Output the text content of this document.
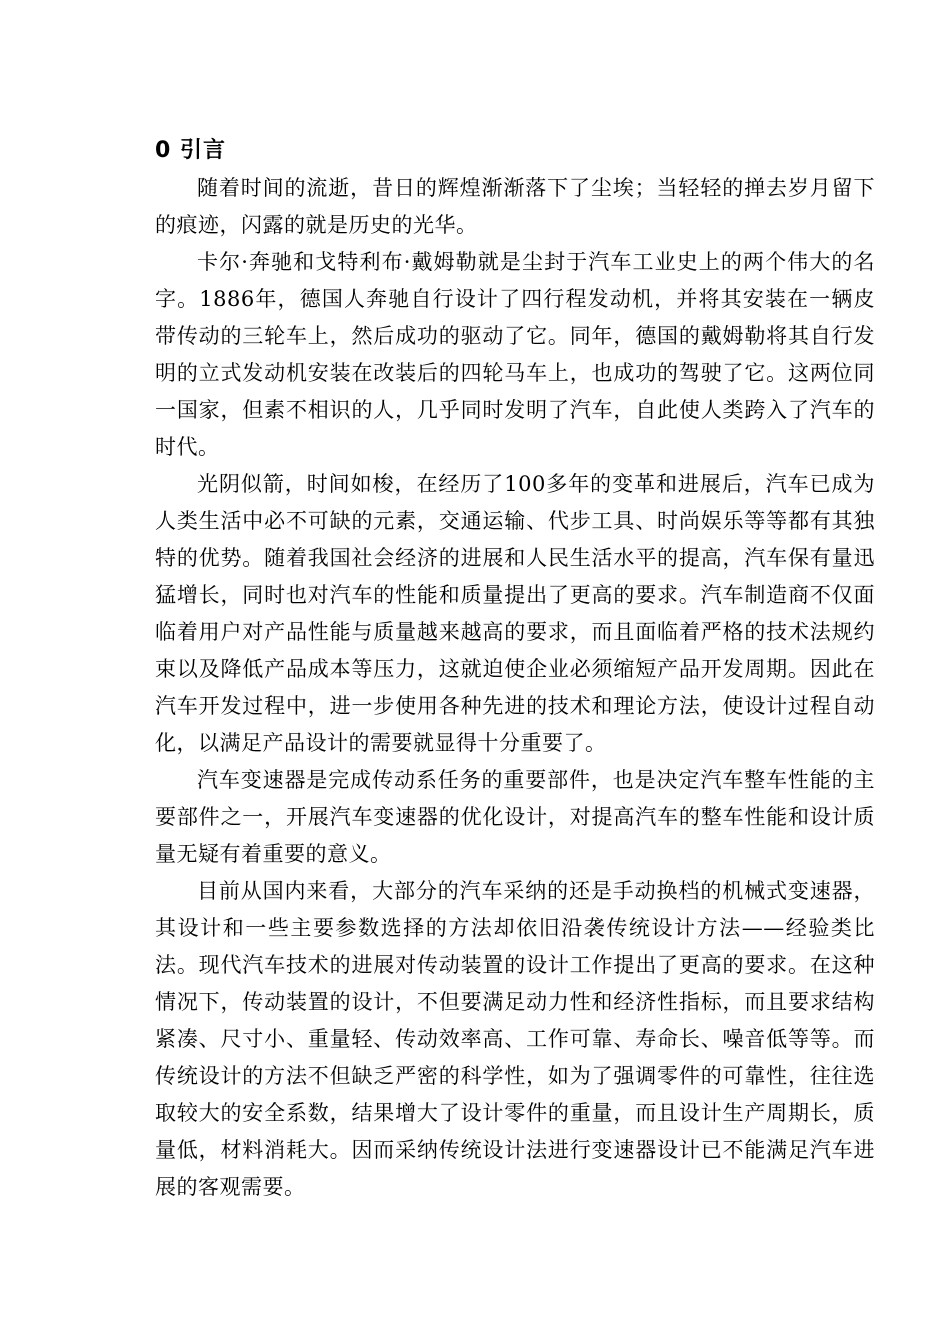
0 引言

随着时间的流逝，昔日的辉煌渐渐落下了尘埃；当轻轻的掸去岁月留下的痕迹，闪露的就是历史的光华。

卡尔·奔驰和戈特利布·戴姆勒就是尘封于汽车工业史上的两个伟大的名字。1886年，德国人奔驰自行设计了四行程发动机，并将其安装在一辆皮带传动的三轮车上，然后成功的驱动了它。同年，德国的戴姆勒将其自行发明的立式发动机安装在改装后的四轮马车上，也成功的驾驶了它。这两位同一国家，但素不相识的人，几乎同时发明了汽车，自此使人类跨入了汽车的时代。

光阴似箭，时间如梭，在经历了100多年的变革和进展后，汽车已成为人类生活中必不可缺的元素，交通运输、代步工具、时尚娱乐等等都有其独特的优势。随着我国社会经济的进展和人民生活水平的提高，汽车保有量迅猛增长，同时也对汽车的性能和质量提出了更高的要求。汽车制造商不仅面临着用户对产品性能与质量越来越高的要求，而且面临着严格的技术法规约束以及降低产品成本等压力，这就迫使企业必须缩短产品开发周期。因此在汽车开发过程中，进一步使用各种先进的技术和理论方法，使设计过程自动化，以满足产品设计的需要就显得十分重要了。

汽车变速器是完成传动系任务的重要部件，也是决定汽车整车性能的主要部件之一，开展汽车变速器的优化设计，对提高汽车的整车性能和设计质量无疑有着重要的意义。

目前从国内来看，大部分的汽车采纳的还是手动换档的机械式变速器，其设计和一些主要参数选择的方法却依旧沿袭传统设计方法——经验类比法。现代汽车技术的进展对传动装置的设计工作提出了更高的要求。在这种情况下，传动装置的设计，不但要满足动力性和经济性指标，而且要求结构紧凑、尺寸小、重量轻、传动效率高、工作可靠、寿命长、噪音低等等。而传统设计的方法不但缺乏严密的科学性，如为了强调零件的可靠性，往往选取较大的安全系数，结果增大了设计零件的重量，而且设计生产周期长，质量低，材料消耗大。因而采纳传统设计法进行变速器设计已不能满足汽车进展的客观需要。
